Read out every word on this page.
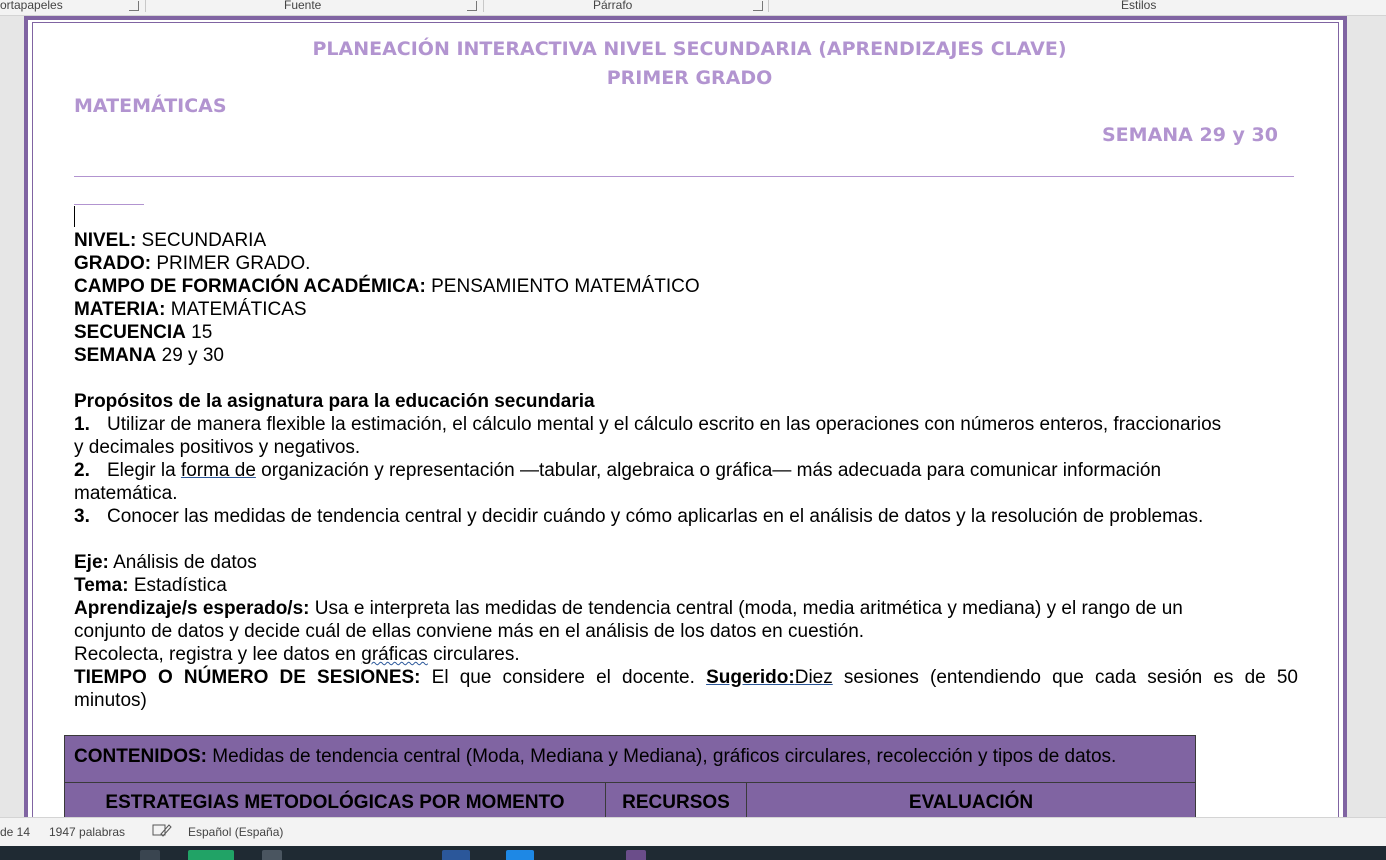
ortapapeles	Fuente	Párrafo	Estilos
PLANEACIÓN INTERACTIVA NIVEL SECUNDARIA (APRENDIZAJES CLAVE)
PRIMER GRADO
MATEMÁTICAS
SEMANA 29 y 30
NIVEL: SECUNDARIA
GRADO: PRIMER GRADO.
CAMPO DE FORMACIÓN ACADÉMICA: PENSAMIENTO MATEMÁTICO
MATERIA: MATEMÁTICAS
SECUENCIA 15
SEMANA 29 y 30

Propósitos de la asignatura para la educación secundaria
1. Utilizar de manera flexible la estimación, el cálculo mental y el cálculo escrito en las operaciones con números enteros, fraccionarios
y decimales positivos y negativos.
2. Elegir la forma de organización y representación —tabular, algebraica o gráfica— más adecuada para comunicar información
matemática.
3. Conocer las medidas de tendencia central y decidir cuándo y cómo aplicarlas en el análisis de datos y la resolución de problemas.

Eje: Análisis de datos
Tema: Estadística
Aprendizaje/s esperado/s: Usa e interpreta las medidas de tendencia central (moda, media aritmética y mediana) y el rango de un
conjunto de datos y decide cuál de ellas conviene más en el análisis de los datos en cuestión.
Recolecta, registra y lee datos en gráficas circulares.
TIEMPO O NÚMERO DE SESIONES: El que considere el docente. Sugerido:Diez sesiones (entendiendo que cada sesión es de 50
minutos)
CONTENIDOS: Medidas de tendencia central (Moda, Mediana y Mediana), gráficos circulares, recolección y tipos de datos.
ESTRATEGIAS METODOLÓGICAS POR MOMENTO	RECURSOS	EVALUACIÓN
de 14 1947 palabras	Español (España)
